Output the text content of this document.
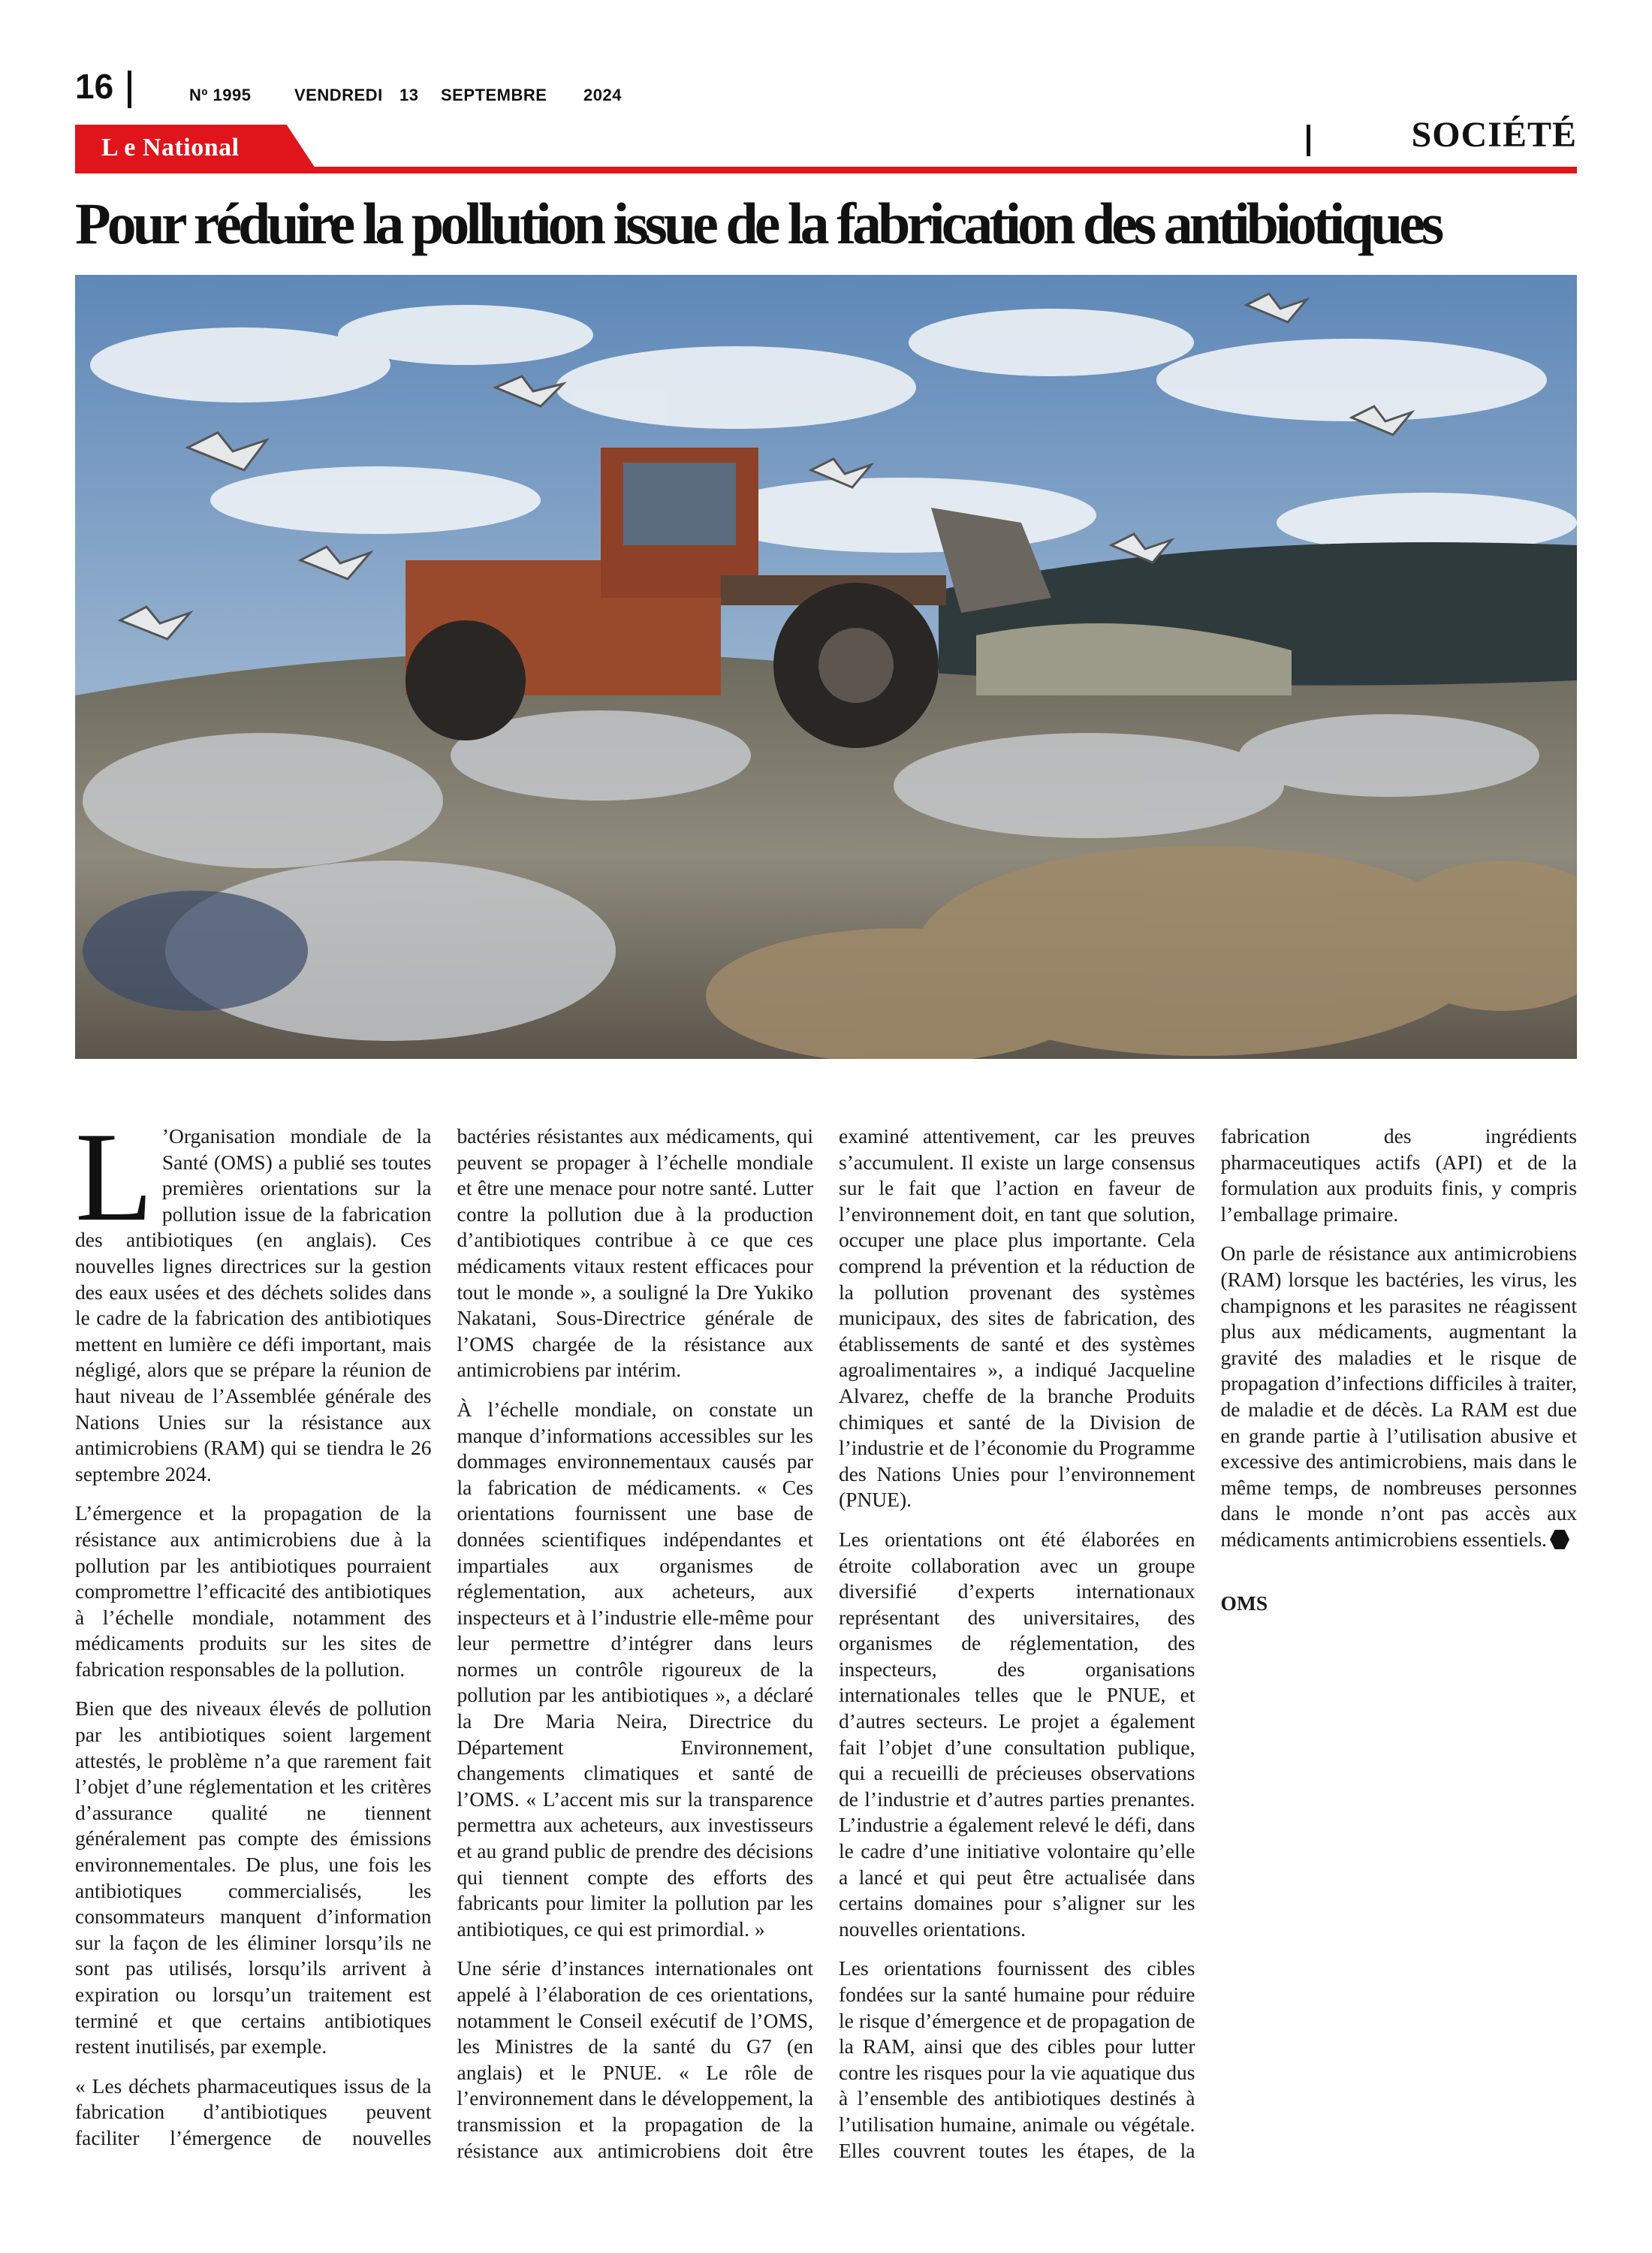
16	Nº 1995	VENDREDI 13 SEPTEMBRE 2024
L e National	SOCIÉTÉ
Pour réduire la pollution issue de la fabrication des antibiotiques

L ’Organisation mondiale de la Santé (OMS) a publié ses toutes premières orientations sur la pollution issue de la fabrication des antibiotiques (en anglais). Ces nouvelles lignes directrices sur la gestion des eaux usées et des déchets solides dans le cadre de la fabrication des antibiotiques mettent en lumière ce défi important, mais négligé, alors que se prépare la réunion de haut niveau de l’Assemblée générale des Nations Unies sur la résistance aux antimicrobiens (RAM) qui se tiendra le 26 septembre 2024.

L’émergence et la propagation de la résistance aux antimicrobiens due à la pollution par les antibiotiques pourraient compromettre l’efficacité des antibiotiques à l’échelle mondiale, notamment des médicaments produits sur les sites de fabrication responsables de la pollution.

Bien que des niveaux élevés de pollution par les antibiotiques soient largement attestés, le problème n’a que rarement fait l’objet d’une réglementation et les critères d’assurance qualité ne tiennent généralement pas compte des émissions environnementales. De plus, une fois les antibiotiques commercialisés, les consommateurs manquent d’information sur la façon de les éliminer lorsqu’ils ne sont pas utilisés, lorsqu’ils arrivent à expiration ou lorsqu’un traitement est terminé et que certains antibiotiques restent inutilisés, par exemple.

« Les déchets pharmaceutiques issus de la fabrication d’antibiotiques peuvent faciliter l’émergence de nouvelles bactéries résistantes aux médicaments, qui peuvent se propager à l’échelle mondiale et être une menace pour notre santé. Lutter contre la pollution due à la production d’antibiotiques contribue à ce que ces médicaments vitaux restent efficaces pour tout le monde », a souligné la Dre Yukiko Nakatani, Sous-Directrice générale de l’OMS chargée de la résistance aux antimicrobiens par intérim.

À l’échelle mondiale, on constate un manque d’informations accessibles sur les dommages environnementaux causés par la fabrication de médicaments. « Ces orientations fournissent une base de données scientifiques indépendantes et impartiales aux organismes de réglementation, aux acheteurs, aux inspecteurs et à l’industrie elle-même pour leur permettre d’intégrer dans leurs normes un contrôle rigoureux de la pollution par les antibiotiques », a déclaré la Dre Maria Neira, Directrice du Département Environnement, changements climatiques et santé de l’OMS. « L’accent mis sur la transparence permettra aux acheteurs, aux investisseurs et au grand public de prendre des décisions qui tiennent compte des efforts des fabricants pour limiter la pollution par les antibiotiques, ce qui est primordial. »

Une série d’instances internationales ont appelé à l’élaboration de ces orientations, notamment le Conseil exécutif de l’OMS, les Ministres de la santé du G7 (en anglais) et le PNUE. « Le rôle de l’environnement dans le développement, la transmission et la propagation de la résistance aux antimicrobiens doit être examiné attentivement, car les preuves s’accumulent. Il existe un large consensus sur le fait que l’action en faveur de l’environnement doit, en tant que solution, occuper une place plus importante. Cela comprend la prévention et la réduction de la pollution provenant des systèmes municipaux, des sites de fabrication, des établissements de santé et des systèmes agroalimentaires », a indiqué Jacqueline Alvarez, cheffe de la branche Produits chimiques et santé de la Division de l’industrie et de l’économie du Programme des Nations Unies pour l’environnement (PNUE).

Les orientations ont été élaborées en étroite collaboration avec un groupe diversifié d’experts internationaux représentant des universitaires, des organismes de réglementation, des inspecteurs, des organisations internationales telles que le PNUE, et d’autres secteurs. Le projet a également fait l’objet d’une consultation publique, qui a recueilli de précieuses observations de l’industrie et d’autres parties prenantes. L’industrie a également relevé le défi, dans le cadre d’une initiative volontaire qu’elle a lancé et qui peut être actualisée dans certains domaines pour s’aligner sur les nouvelles orientations.

Les orientations fournissent des cibles fondées sur la santé humaine pour réduire le risque d’émergence et de propagation de la RAM, ainsi que des cibles pour lutter contre les risques pour la vie aquatique dus à l’ensemble des antibiotiques destinés à l’utilisation humaine, animale ou végétale. Elles couvrent toutes les étapes, de la fabrication des ingrédients pharmaceutiques actifs (API) et de la formulation aux produits finis, y compris l’emballage primaire.

On parle de résistance aux antimicrobiens (RAM) lorsque les bactéries, les virus, les champignons et les parasites ne réagissent plus aux médicaments, augmentant la gravité des maladies et le risque de propagation d’infections difficiles à traiter, de maladie et de décès. La RAM est due en grande partie à l’utilisation abusive et excessive des antimicrobiens, mais dans le même temps, de nombreuses personnes dans le monde n’ont pas accès aux médicaments antimicrobiens essentiels.

OMS
